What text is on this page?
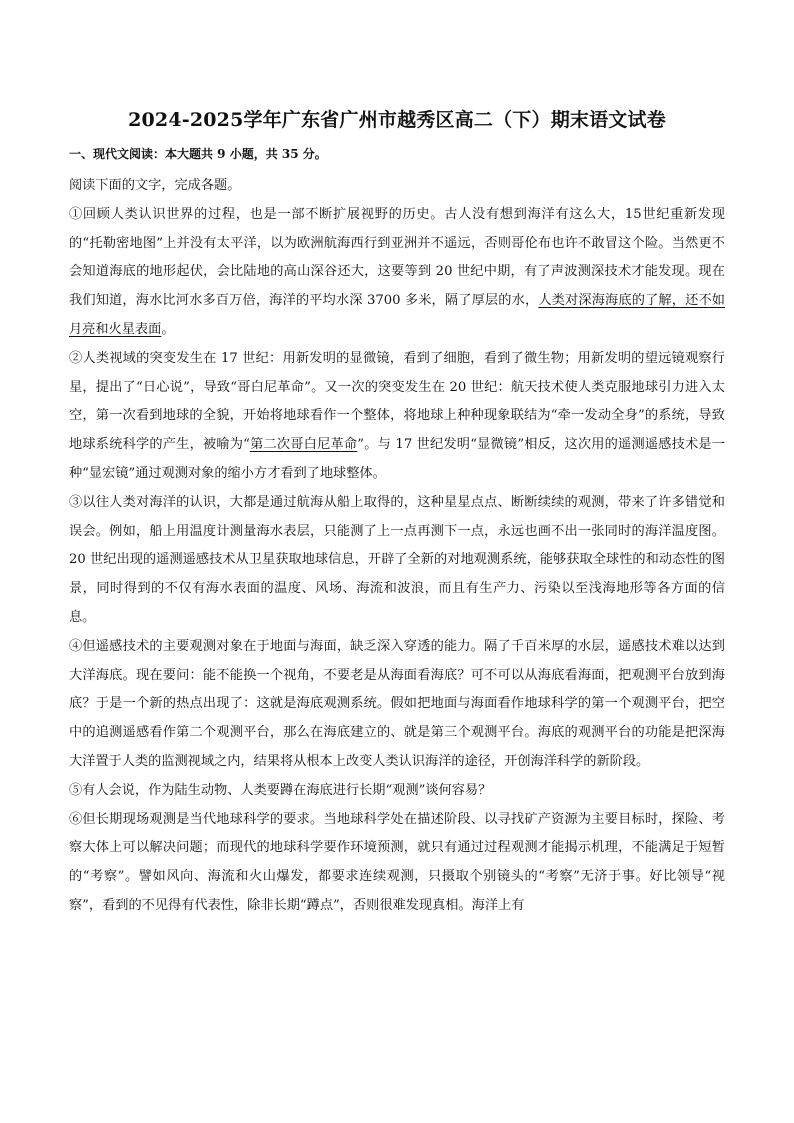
2024-2025学年广东省广州市越秀区高二（下）期末语文试卷
一、现代文阅读：本大题共 9 小题，共 35 分。

阅读下面的文字，完成各题。

①回顾人类认识世界的过程，也是一部不断扩展视野的历史。古人没有想到海洋有这么大，15世纪重新发现的“托勒密地图”上并没有太平洋，以为欧洲航海西行到亚洲并不遥远，否则哥伦布也许不敢冒这个险。当然更不会知道海底的地形起伏，会比陆地的高山深谷还大，这要等到 20 世纪中期，有了声波测深技术才能发现。现在我们知道，海水比河水多百万倍，海洋的平均水深 3700 多米，隔了厚层的水，人类对深海海底的了解，还不如月亮和火星表面。

②人类视域的突变发生在 17 世纪：用新发明的显微镜，看到了细胞，看到了微生物；用新发明的望远镜观察行星，提出了“日心说”，导致“哥白尼革命”。又一次的突变发生在 20 世纪：航天技术使人类克服地球引力进入太空，第一次看到地球的全貌，开始将地球看作一个整体，将地球上种种现象联结为“牵一发动全身”的系统，导致地球系统科学的产生，被喻为“第二次哥白尼革命”。与 17 世纪发明“显微镜”相反，这次用的遥测遥感技术是一种“显宏镜”通过观测对象的缩小方才看到了地球整体。

③以往人类对海洋的认识，大都是通过航海从船上取得的，这种星星点点、断断续续的观测，带来了许多错觉和误会。例如，船上用温度计测量海水表层，只能测了上一点再测下一点，永远也画不出一张同时的海洋温度图。20 世纪出现的遥测遥感技术从卫星获取地球信息，开辟了全新的对地观测系统，能够获取全球性的和动态性的图景，同时得到的不仅有海水表面的温度、风场、海流和波浪，而且有生产力、污染以至浅海地形等各方面的信息。

④但遥感技术的主要观测对象在于地面与海面，缺乏深入穿透的能力。隔了千百米厚的水层，遥感技术难以达到大洋海底。现在要问：能不能换一个视角，不要老是从海面看海底？可不可以从海底看海面，把观测平台放到海底？于是一个新的热点出现了：这就是海底观测系统。假如把地面与海面看作地球科学的第一个观测平台，把空中的追测遥感看作第二个观测平台，那么在海底建立的、就是第三个观测平台。海底的观测平台的功能是把深海大洋置于人类的监测视域之内，结果将从根本上改变人类认识海洋的途径，开创海洋科学的新阶段。

⑤有人会说，作为陆生动物、人类要蹲在海底进行长期“观测”谈何容易？

⑥但长期现场观测是当代地球科学的要求。当地球科学处在描述阶段、以寻找矿产资源为主要目标时，探险、考察大体上可以解决问题；而现代的地球科学要作环境预测，就只有通过过程观测才能揭示机理，不能满足于短暂的“考察”。譬如风向、海流和火山爆发，都要求连续观测，只摄取个别镜头的“考察”无济于事。好比领导“视察”，看到的不见得有代表性，除非长期“蹲点”，否则很难发现真相。海洋上有
